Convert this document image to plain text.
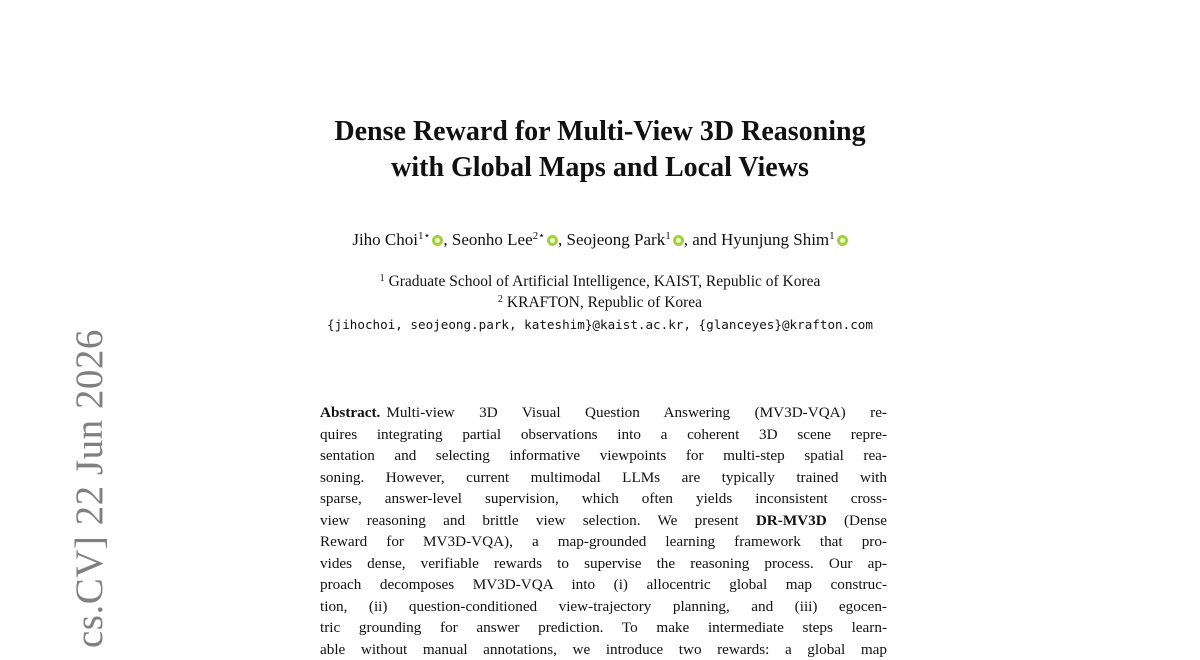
cs.CV] 22 Jun 2026
Dense Reward for Multi-View 3D Reasoning
with Global Maps and Local Views
Jiho Choi$^{1⋆}$ , Seonho Lee$^{2⋆}$ , Seojeong Park$^1$ , and Hyunjung Shim$^1$
$^1$ Graduate School of Artificial Intelligence, KAIST, Republic of Korea
$^2$ KRAFTON, Republic of Korea
{jihochoi, seojeong.park, kateshim}@kaist.ac.kr, {glanceyes}@krafton.com
Abstract. Multi-view 3D Visual Question Answering (MV3D-VQA) re-
quires integrating partial observations into a coherent 3D scene repre-
sentation and selecting informative viewpoints for multi-step spatial rea-
soning. However, current multimodal LLMs are typically trained with
sparse, answer-level supervision, which often yields inconsistent cross-
view reasoning and brittle view selection. We present DR-MV3D (Dense
Reward for MV3D-VQA), a map-grounded learning framework that pro-
vides dense, verifiable rewards to supervise the reasoning process. Our ap-
proach decomposes MV3D-VQA into (i) allocentric global map construc-
tion, (ii) question-conditioned view-trajectory planning, and (iii) egocen-
tric grounding for answer prediction. To make intermediate steps learn-
able without manual annotations, we introduce two rewards: a global map
